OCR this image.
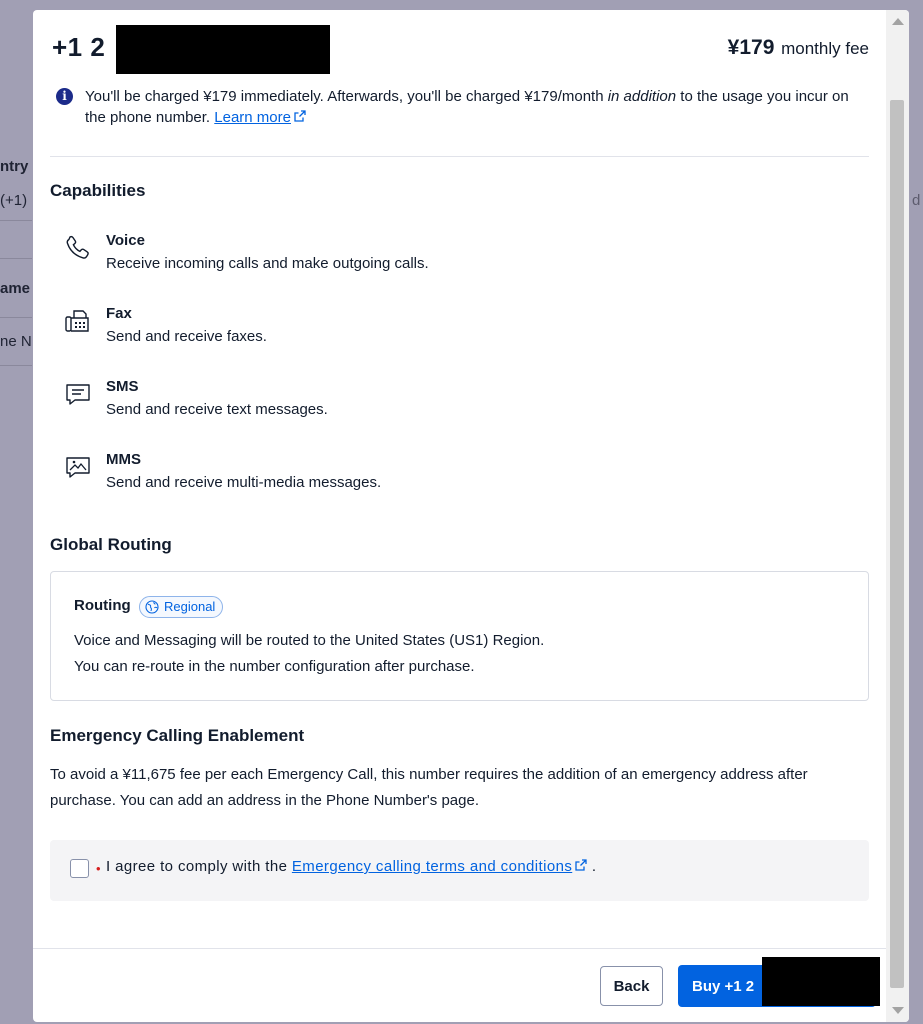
ntry
(+1)
ame
ne N
d
+1 2	¥179 monthly fee
i	You'll be charged ¥179 immediately. Afterwards, you'll be charged ¥179/month in addition to the usage you incur on the phone number. Learn more
Capabilities
Voice
Receive incoming calls and make outgoing calls.
Fax
Send and receive faxes.
SMS
Send and receive text messages.
MMS
Send and receive multi-media messages.
Global Routing
Routing	Regional
Voice and Messaging will be routed to the United States (US1) Region.
You can re-route in the number configuration after purchase.
Emergency Calling Enablement
To avoid a ¥11,675 fee per each Emergency Call, this number requires the addition of an emergency address after purchase. You can add an address in the Phone Number's page.
• I agree to comply with the Emergency calling terms and conditions .
Back	Buy +1 2
